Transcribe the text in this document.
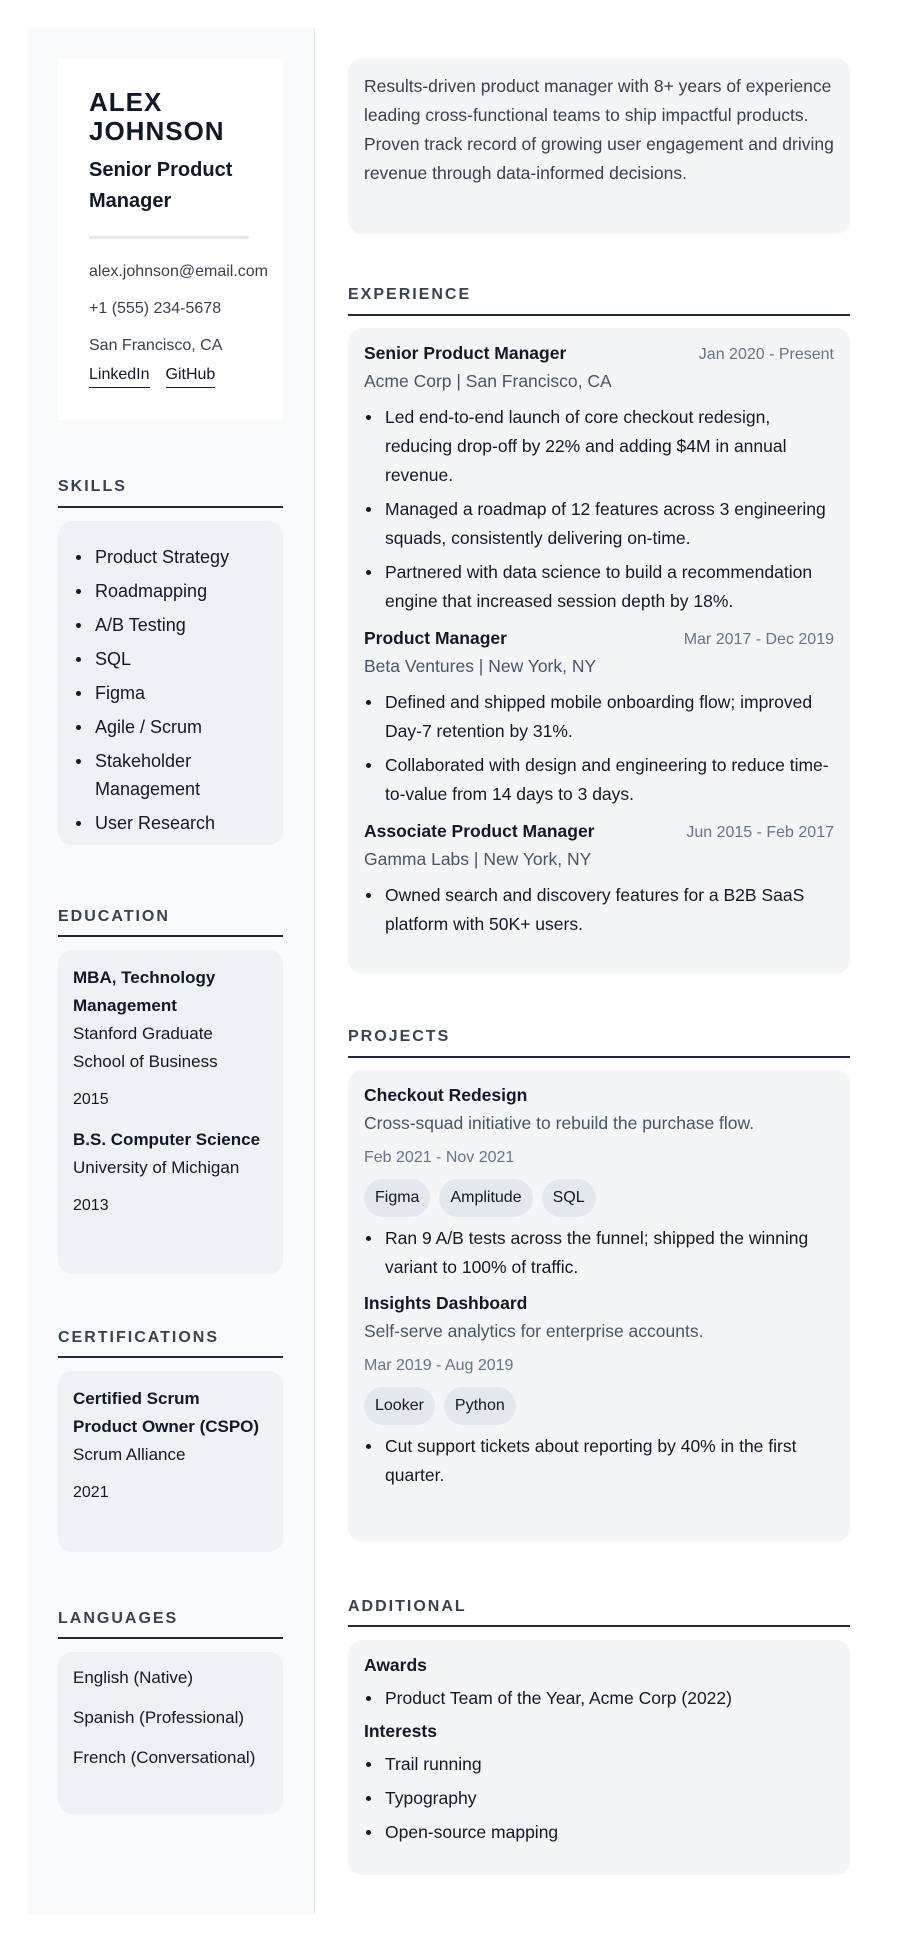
ALEX JOHNSON
Senior Product Manager
alex.johnson@email.com
+1 (555) 234-5678
San Francisco, CA
LinkedIn GitHub
SKILLS
Product Strategy
Roadmapping
A/B Testing
SQL
Figma
Agile / Scrum
Stakeholder Management
User Research
EDUCATION
MBA, Technology Management
Stanford Graduate School of Business
2015
B.S. Computer Science
University of Michigan
2013
CERTIFICATIONS
Certified Scrum Product Owner (CSPO)
Scrum Alliance
2021
LANGUAGES
English (Native)
Spanish (Professional)
French (Conversational)
Results-driven product manager with 8+ years of experience leading cross-functional teams to ship impactful products. Proven track record of growing user engagement and driving revenue through data-informed decisions.
EXPERIENCE
Senior Product Manager	Jan 2020 - Present
Acme Corp | San Francisco, CA
Led end-to-end launch of core checkout redesign, reducing drop-off by 22% and adding $4M in annual revenue.
Managed a roadmap of 12 features across 3 engineering squads, consistently delivering on-time.
Partnered with data science to build a recommendation engine that increased session depth by 18%.
Product Manager	Mar 2017 - Dec 2019
Beta Ventures | New York, NY
Defined and shipped mobile onboarding flow; improved Day-7 retention by 31%.
Collaborated with design and engineering to reduce time-to-value from 14 days to 3 days.
Associate Product Manager	Jun 2015 - Feb 2017
Gamma Labs | New York, NY
Owned search and discovery features for a B2B SaaS platform with 50K+ users.
PROJECTS
Checkout Redesign
Cross-squad initiative to rebuild the purchase flow.
Feb 2021 - Nov 2021
Figma	Amplitude	SQL
Ran 9 A/B tests across the funnel; shipped the winning variant to 100% of traffic.
Insights Dashboard
Self-serve analytics for enterprise accounts.
Mar 2019 - Aug 2019
Looker	Python
Cut support tickets about reporting by 40% in the first quarter.
ADDITIONAL
Awards
Product Team of the Year, Acme Corp (2022)
Interests
Trail running
Typography
Open-source mapping
